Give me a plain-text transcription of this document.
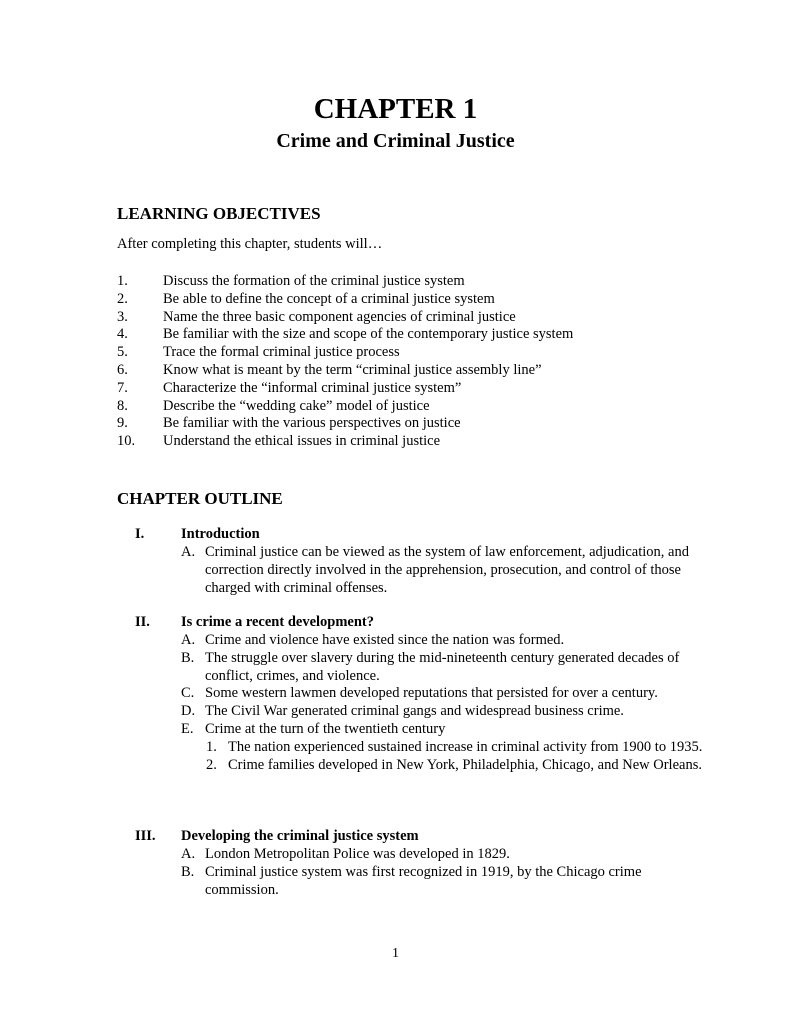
CHAPTER 1
Crime and Criminal Justice
LEARNING OBJECTIVES
After completing this chapter, students will…
1. Discuss the formation of the criminal justice system
2. Be able to define the concept of a criminal justice system
3. Name the three basic component agencies of criminal justice
4. Be familiar with the size and scope of the contemporary justice system
5. Trace the formal criminal justice process
6. Know what is meant by the term “criminal justice assembly line”
7. Characterize the “informal criminal justice system”
8. Describe the “wedding cake” model of justice
9. Be familiar with the various perspectives on justice
10. Understand the ethical issues in criminal justice
CHAPTER OUTLINE
I.	Introduction
A. Criminal justice can be viewed as the system of law enforcement, adjudication, and correction directly involved in the apprehension, prosecution, and control of those charged with criminal offenses.
II. Is crime a recent development?
A. Crime and violence have existed since the nation was formed.
B. The struggle over slavery during the mid-nineteenth century generated decades of conflict, crimes, and violence.
C. Some western lawmen developed reputations that persisted for over a century.
D. The Civil War generated criminal gangs and widespread business crime.
E. Crime at the turn of the twentieth century
1. The nation experienced sustained increase in criminal activity from 1900 to 1935.
2. Crime families developed in New York, Philadelphia, Chicago, and New Orleans.
III. Developing the criminal justice system
A. London Metropolitan Police was developed in 1829.
B. Criminal justice system was first recognized in 1919, by the Chicago crime commission.
1
